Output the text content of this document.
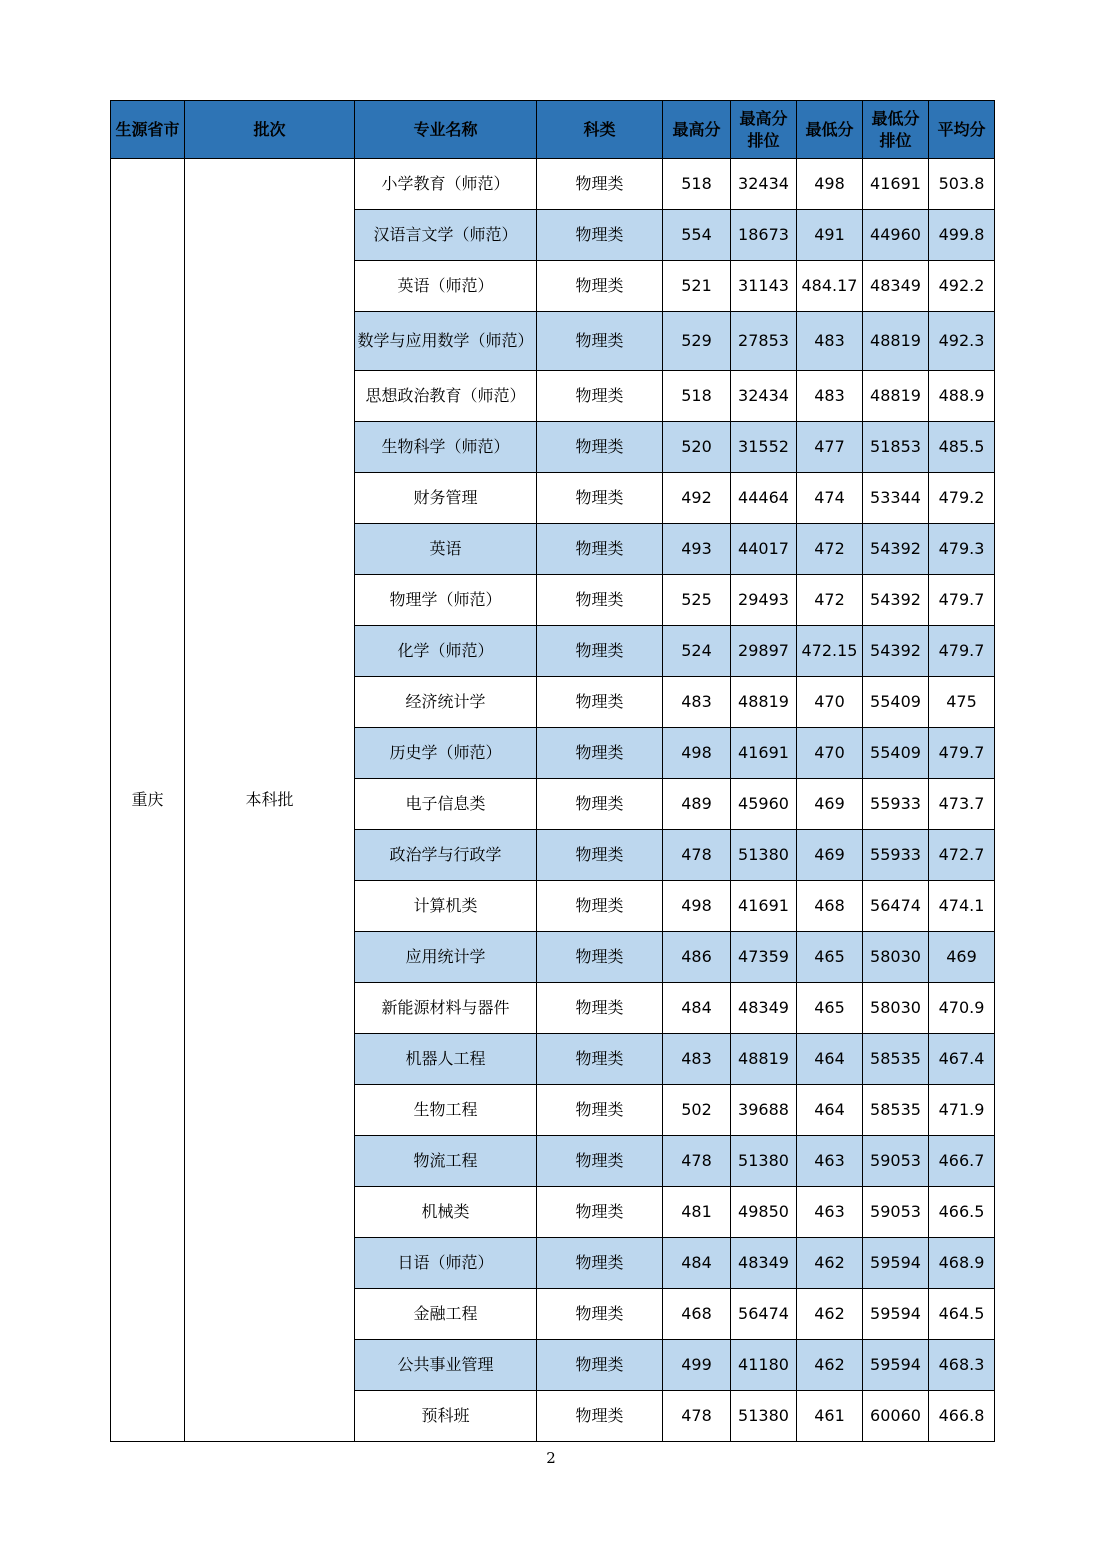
生源省市	批次	专业名称	科类	最高分	最高分排位	最低分	最低分排位	平均分
重庆	本科批	小学教育（师范）	物理类	518	32434	498	41691	503.8
		汉语言文学（师范）	物理类	554	18673	491	44960	499.8
		英语（师范）	物理类	521	31143	484.17	48349	492.2
		数学与应用数学（师范）	物理类	529	27853	483	48819	492.3
		思想政治教育（师范）	物理类	518	32434	483	48819	488.9
		生物科学（师范）	物理类	520	31552	477	51853	485.5
		财务管理	物理类	492	44464	474	53344	479.2
		英语	物理类	493	44017	472	54392	479.3
		物理学（师范）	物理类	525	29493	472	54392	479.7
		化学（师范）	物理类	524	29897	472.15	54392	479.7
		经济统计学	物理类	483	48819	470	55409	475
		历史学（师范）	物理类	498	41691	470	55409	479.7
		电子信息类	物理类	489	45960	469	55933	473.7
		政治学与行政学	物理类	478	51380	469	55933	472.7
		计算机类	物理类	498	41691	468	56474	474.1
		应用统计学	物理类	486	47359	465	58030	469
		新能源材料与器件	物理类	484	48349	465	58030	470.9
		机器人工程	物理类	483	48819	464	58535	467.4
		生物工程	物理类	502	39688	464	58535	471.9
		物流工程	物理类	478	51380	463	59053	466.7
		机械类	物理类	481	49850	463	59053	466.5
		日语（师范）	物理类	484	48349	462	59594	468.9
		金融工程	物理类	468	56474	462	59594	464.5
		公共事业管理	物理类	499	41180	462	59594	468.3
		预科班	物理类	478	51380	461	60060	466.8
2
